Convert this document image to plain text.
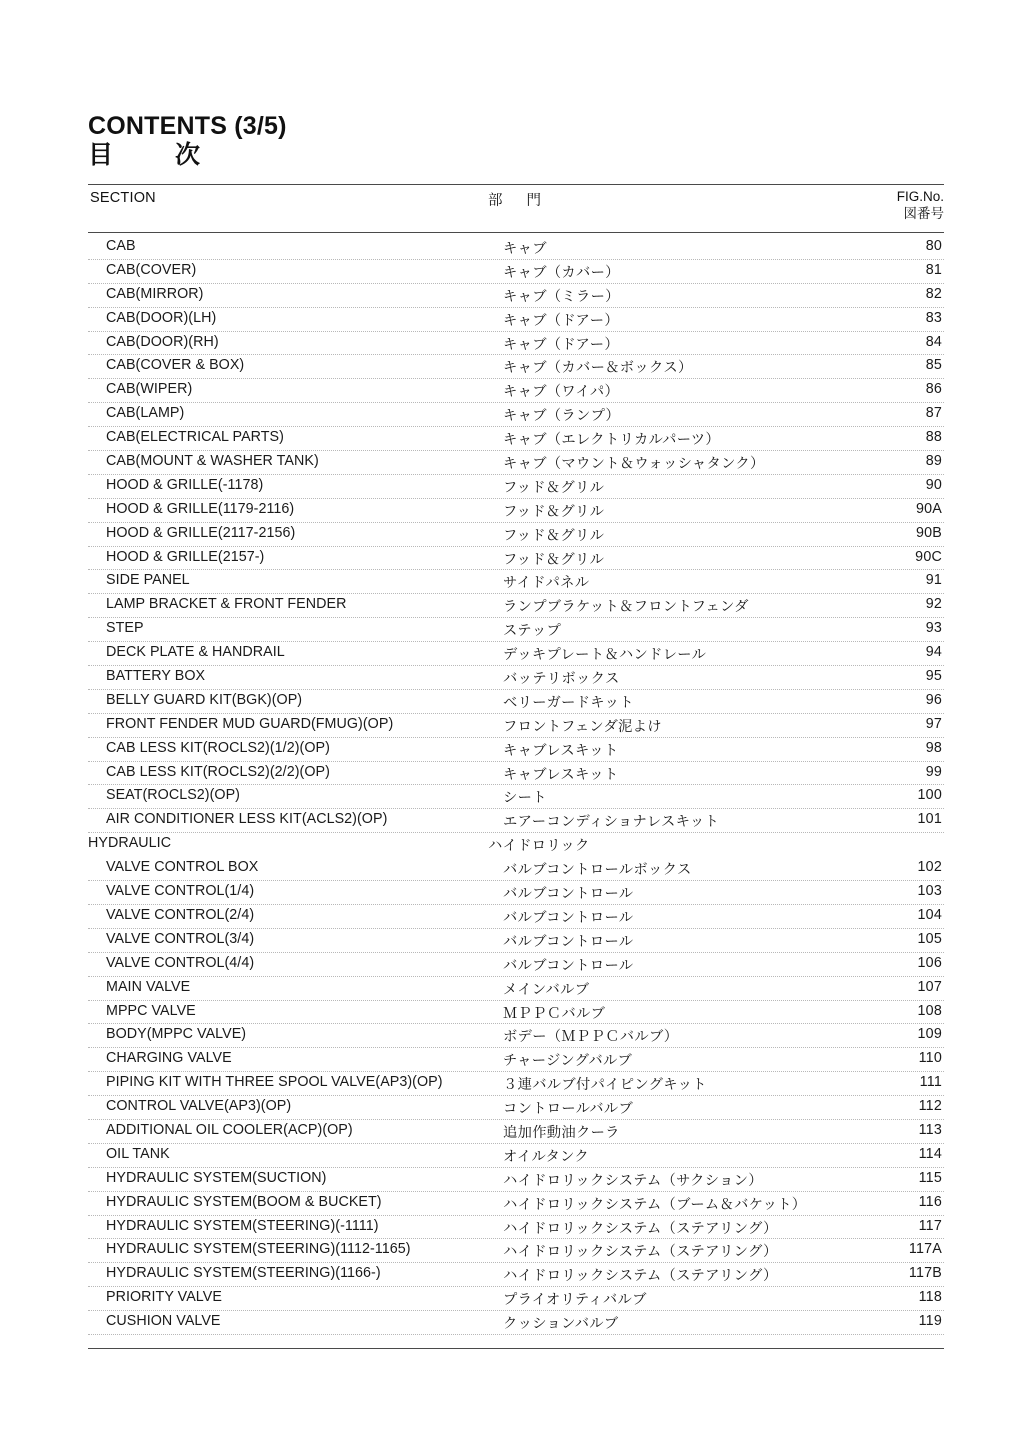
CONTENTS (3/5)
目 次
SECTION	部 門	FIG.No.
図番号
CAB	キャブ	80
CAB(COVER)	キャブ（カバー）	81
CAB(MIRROR)	キャブ（ミラー）	82
CAB(DOOR)(LH)	キャブ（ドアー）	83
CAB(DOOR)(RH)	キャブ（ドアー）	84
CAB(COVER & BOX)	キャブ（カバー＆ボックス）	85
CAB(WIPER)	キャブ（ワイパ）	86
CAB(LAMP)	キャブ（ランプ）	87
CAB(ELECTRICAL PARTS)	キャブ（エレクトリカルパーツ）	88
CAB(MOUNT & WASHER TANK)	キャブ（マウント＆ウォッシャタンク）	89
HOOD & GRILLE(-1178)	フッド＆グリル	90
HOOD & GRILLE(1179-2116)	フッド＆グリル	90A
HOOD & GRILLE(2117-2156)	フッド＆グリル	90B
HOOD & GRILLE(2157-)	フッド＆グリル	90C
SIDE PANEL	サイドパネル	91
LAMP BRACKET & FRONT FENDER	ランプブラケット＆フロントフェンダ	92
STEP	ステップ	93
DECK PLATE & HANDRAIL	デッキプレート＆ハンドレール	94
BATTERY BOX	バッテリボックス	95
BELLY GUARD KIT(BGK)(OP)	ベリーガードキット	96
FRONT FENDER MUD GUARD(FMUG)(OP)	フロントフェンダ泥よけ	97
CAB LESS KIT(ROCLS2)(1/2)(OP)	キャブレスキット	98
CAB LESS KIT(ROCLS2)(2/2)(OP)	キャブレスキット	99
SEAT(ROCLS2)(OP)	シート	100
AIR CONDITIONER LESS KIT(ACLS2)(OP)	エアーコンディショナレスキット	101
HYDRAULIC	ハイドロリック
VALVE CONTROL BOX	バルブコントロールボックス	102
VALVE CONTROL(1/4)	バルブコントロール	103
VALVE CONTROL(2/4)	バルブコントロール	104
VALVE CONTROL(3/4)	バルブコントロール	105
VALVE CONTROL(4/4)	バルブコントロール	106
MAIN VALVE	メインバルブ	107
MPPC VALVE	ＭＰＰＣバルブ	108
BODY(MPPC VALVE)	ボデー（ＭＰＰＣバルブ）	109
CHARGING VALVE	チャージングバルブ	110
PIPING KIT WITH THREE SPOOL VALVE(AP3)(OP)	３連バルブ付パイピングキット	111
CONTROL VALVE(AP3)(OP)	コントロールバルブ	112
ADDITIONAL OIL COOLER(ACP)(OP)	追加作動油クーラ	113
OIL TANK	オイルタンク	114
HYDRAULIC SYSTEM(SUCTION)	ハイドロリックシステム（サクション）	115
HYDRAULIC SYSTEM(BOOM & BUCKET)	ハイドロリックシステム（ブーム＆バケット）	116
HYDRAULIC SYSTEM(STEERING)(-1111)	ハイドロリックシステム（ステアリング）	117
HYDRAULIC SYSTEM(STEERING)(1112-1165)	ハイドロリックシステム（ステアリング）	117A
HYDRAULIC SYSTEM(STEERING)(1166-)	ハイドロリックシステム（ステアリング）	117B
PRIORITY VALVE	プライオリティバルブ	118
CUSHION VALVE	クッションバルブ	119
